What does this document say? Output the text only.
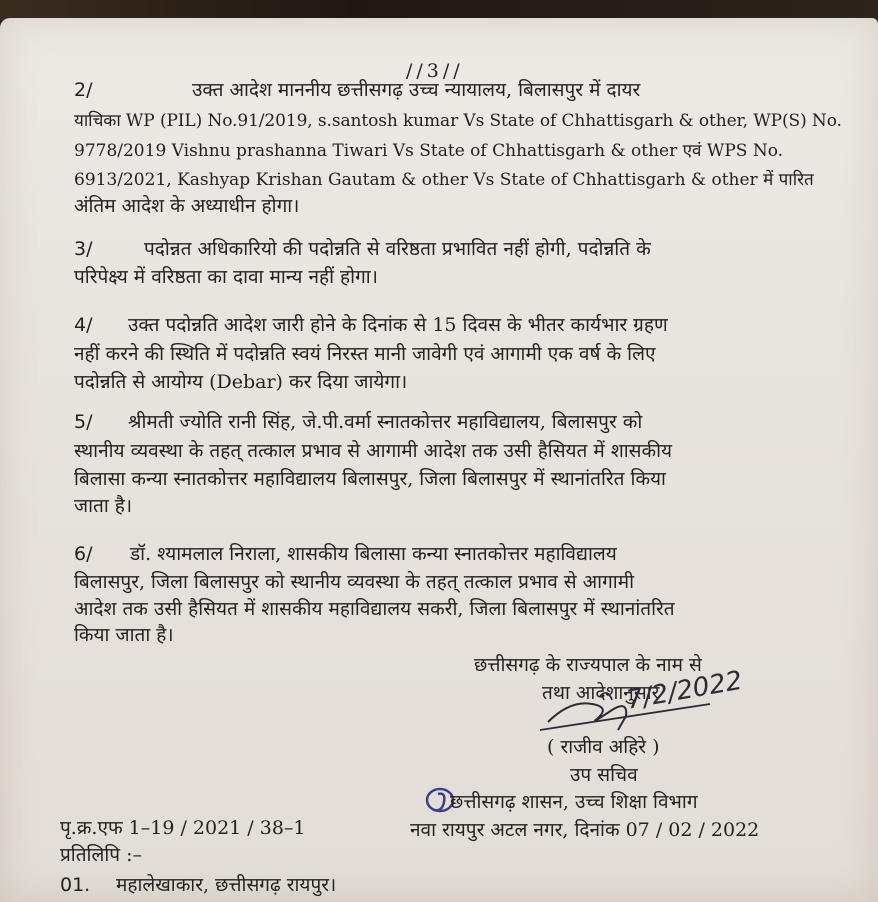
//3//
2/	उक्त आदेश माननीय छत्तीसगढ़ उच्च न्यायालय, बिलासपुर में दायर
याचिका WP (PIL) No.91/2019, s.santosh kumar Vs State of Chhattisgarh & other, WP(S) No.
9778/2019 Vishnu prashanna Tiwari Vs State of Chhattisgarh & other एवं WPS No.
6913/2021, Kashyap Krishan Gautam & other Vs State of Chhattisgarh & other में पारित
अंतिम आदेश के अध्याधीन होगा।
3/	पदोन्नत अधिकारियो की पदोन्नति से वरिष्ठता प्रभावित नहीं होगी, पदोन्नति के
परिपेक्ष्य में वरिष्ठता का दावा मान्य नहीं होगा।
4/ उक्त पदोन्नति आदेश जारी होने के दिनांक से 15 दिवस के भीतर कार्यभार ग्रहण
नहीं करने की स्थिति में पदोन्नति स्वयं निरस्त मानी जावेगी एवं आगामी एक वर्ष के लिए
पदोन्नति से आयोग्य (Debar) कर दिया जायेगा।
5/ श्रीमती ज्योति रानी सिंह, जे.पी.वर्मा स्नातकोत्तर महाविद्यालय, बिलासपुर को
स्थानीय व्यवस्था के तहत् तत्काल प्रभाव से आगामी आदेश तक उसी हैसियत में शासकीय
बिलासा कन्या स्नातकोत्तर महाविद्यालय बिलासपुर, जिला बिलासपुर में स्थानांतरित किया
जाता है।
6/ डॉ. श्यामलाल निराला, शासकीय बिलासा कन्या स्नातकोत्तर महाविद्यालय
बिलासपुर, जिला बिलासपुर को स्थानीय व्यवस्था के तहत् तत्काल प्रभाव से आगामी
आदेश तक उसी हैसियत में शासकीय महाविद्यालय सकरी, जिला बिलासपुर में स्थानांतरित
किया जाता है।
छत्तीसगढ़ के राज्यपाल के नाम से
तथा आदेशानुसार
7/2/2022
( राजीव अहिरे )
उप सचिव
छत्तीसगढ़ शासन, उच्च शिक्षा विभाग
नवा रायपुर अटल नगर, दिनांक 07 / 02 / 2022
पृ.क्र.एफ 1–19 / 2021 / 38–1
प्रतिलिपि :–
01. महालेखाकार, छत्तीसगढ़ रायपुर।
